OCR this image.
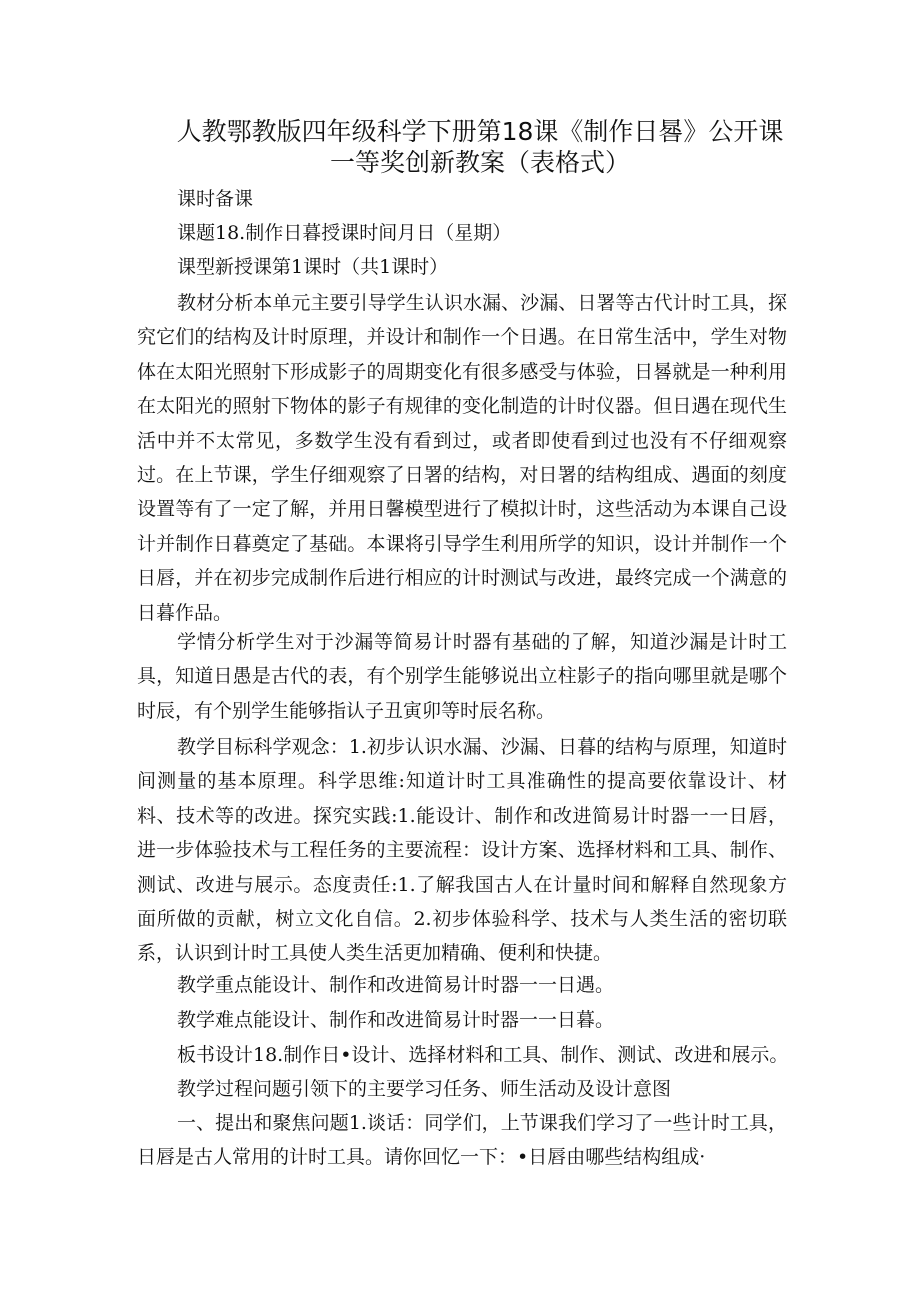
人教鄂教版四年级科学下册第18课《制作日晷》公开课
一等奖创新教案（表格式）

课时备课

课题18.制作日暮授课时间月日（星期）

课型新授课第1课时（共1课时）

教材分析本单元主要引导学生认识水漏、沙漏、日署等古代计时工具，探究它们的结构及计时原理，并设计和制作一个日遇。在日常生活中，学生对物体在太阳光照射下形成影子的周期变化有很多感受与体验，日晷就是一种利用在太阳光的照射下物体的影子有规律的变化制造的计时仪器。但日遇在现代生活中并不太常见，多数学生没有看到过，或者即使看到过也没有不仔细观察过。在上节课，学生仔细观察了日署的结构，对日署的结构组成、遇面的刻度设置等有了一定了解，并用日馨模型进行了模拟计时，这些活动为本课自己设计并制作日暮奠定了基础。本课将引导学生利用所学的知识，设计并制作一个日唇，并在初步完成制作后进行相应的计时测试与改进，最终完成一个满意的日暮作品。

学情分析学生对于沙漏等简易计时器有基础的了解，知道沙漏是计时工具，知道日愚是古代的表，有个别学生能够说出立柱影子的指向哪里就是哪个时辰，有个别学生能够指认子丑寅卯等时辰名称。

教学目标科学观念：1.初步认识水漏、沙漏、日暮的结构与原理，知道时间测量的基本原理。科学思维:知道计时工具准确性的提高要依靠设计、材料、技术等的改进。探究实践:1.能设计、制作和改进简易计时器一一日唇，进一步体验技术与工程任务的主要流程：设计方案、选择材料和工具、制作、测试、改进与展示。态度责任:1.了解我国古人在计量时间和解释自然现象方面所做的贡献，树立文化自信。2.初步体验科学、技术与人类生活的密切联系，认识到计时工具使人类生活更加精确、便利和快捷。

教学重点能设计、制作和改进简易计时器一一日遇。

教学难点能设计、制作和改进简易计时器一一日暮。

板书设计18.制作日•设计、选择材料和工具、制作、测试、改进和展示。

教学过程问题引领下的主要学习任务、师生活动及设计意图

一、提出和聚焦问题1.谈话：同学们，上节课我们学习了一些计时工具，日唇是古人常用的计时工具。请你回忆一下：•日唇由哪些结构组成·
